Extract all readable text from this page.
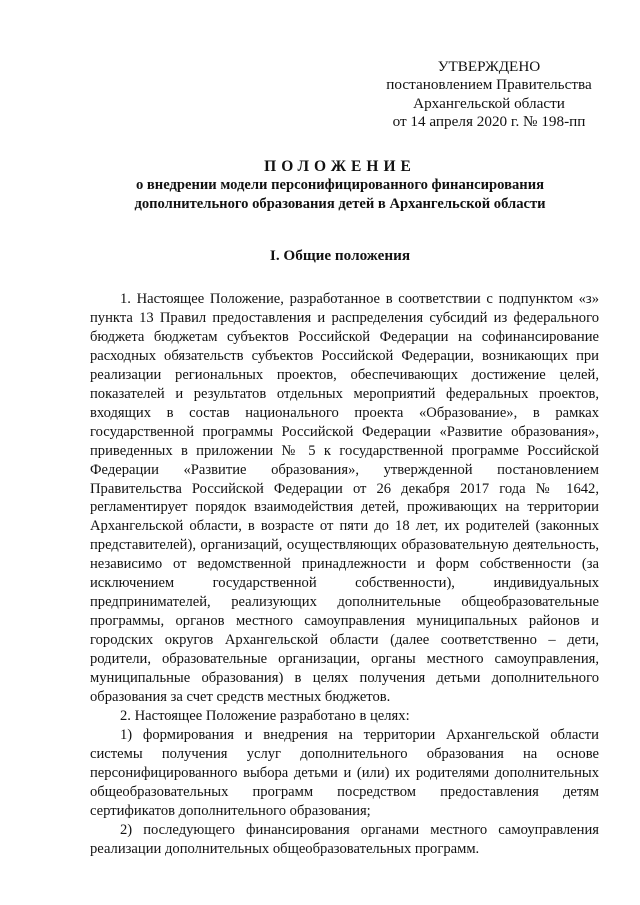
УТВЕРЖДЕНО
постановлением Правительства
Архангельской области
от 14 апреля 2020 г. № 198-пп
ПОЛОЖЕНИЕ
о внедрении модели персонифицированного финансирования
дополнительного образования детей в Архангельской области
I. Общие положения

1. Настоящее Положение, разработанное в соответствии с подпунктом «з» пункта 13 Правил предоставления и распределения субсидий из федерального бюджета бюджетам субъектов Российской Федерации на софинансирование расходных обязательств субъектов Российской Федерации, возникающих при реализации региональных проектов, обеспечивающих достижение целей, показателей и результатов отдельных мероприятий федеральных проектов, входящих в состав национального проекта «Образование», в рамках государственной программы Российской Федерации «Развитие образования», приведенных в приложении № 5 к государственной программе Российской Федерации «Развитие образования», утвержденной постановлением Правительства Российской Федерации от 26 декабря 2017 года № 1642, регламентирует порядок взаимодействия детей, проживающих на территории Архангельской области, в возрасте от пяти до 18 лет, их родителей (законных представителей), организаций, осуществляющих образовательную деятельность, независимо от ведомственной принадлежности и форм собственности (за исключением государственной собственности), индивидуальных предпринимателей, реализующих дополнительные общеобразовательные программы, органов местного самоуправления муниципальных районов и городских округов Архангельской области (далее соответственно – дети, родители, образовательные организации, органы местного самоуправления, муниципальные образования) в целях получения детьми дополнительного образования за счет средств местных бюджетов.

2. Настоящее Положение разработано в целях:

1) формирования и внедрения на территории Архангельской области системы получения услуг дополнительного образования на основе персонифицированного выбора детьми и (или) их родителями дополнительных общеобразовательных программ посредством предоставления детям сертификатов дополнительного образования;

2) последующего финансирования органами местного самоуправления реализации дополнительных общеобразовательных программ.
